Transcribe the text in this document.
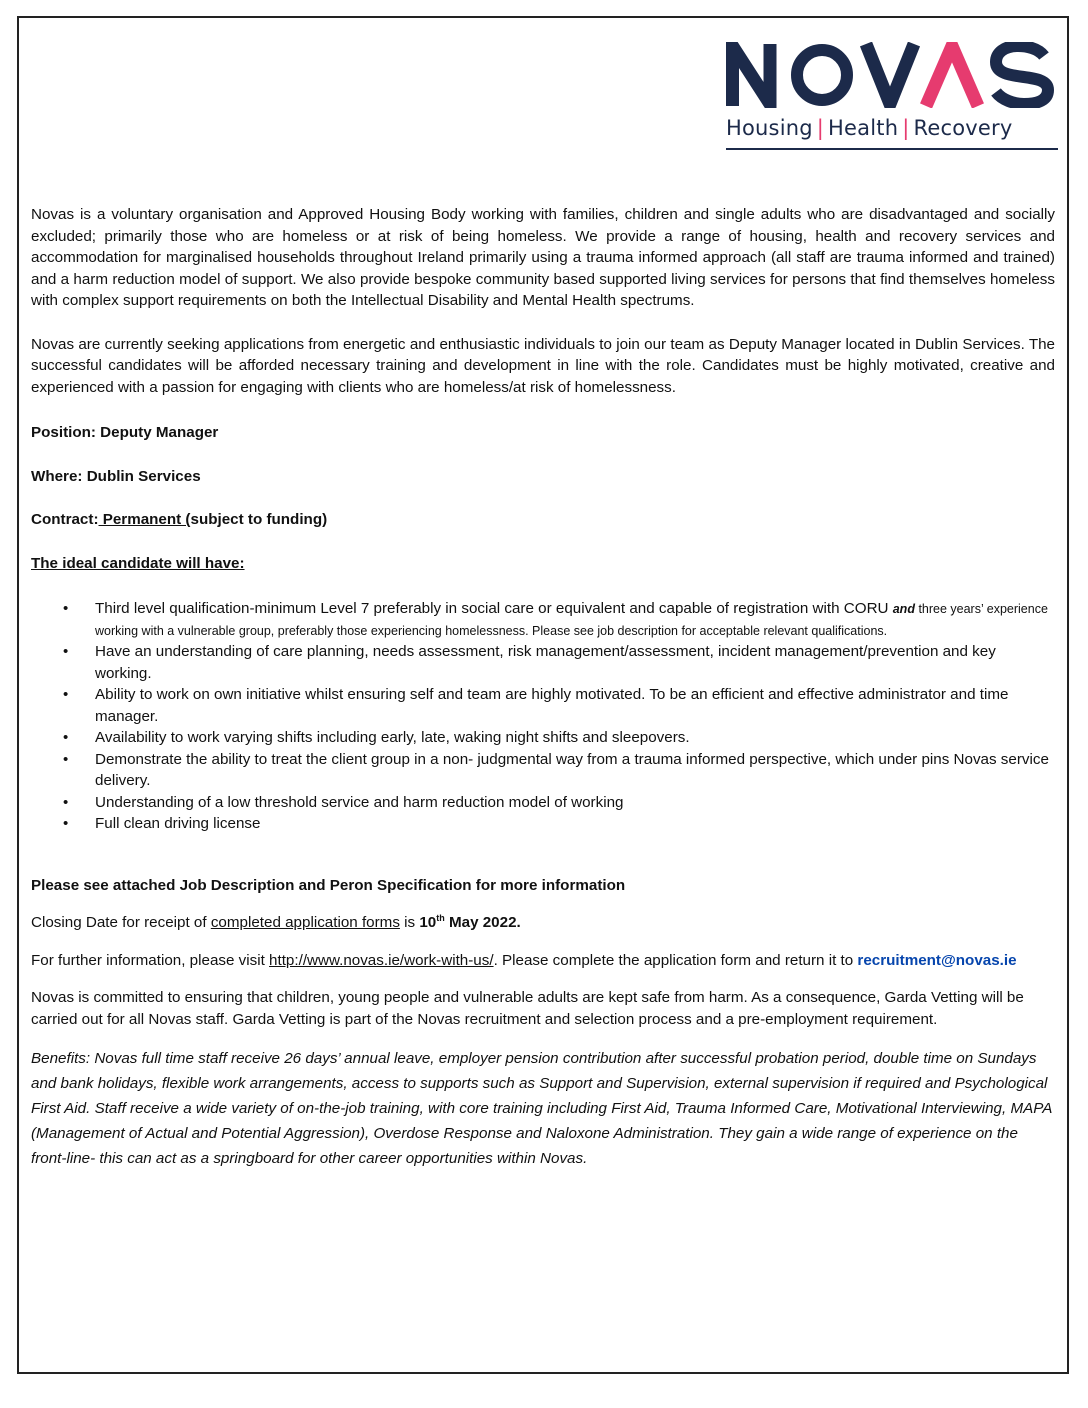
Housing | Health | Recovery

Novas is a voluntary organisation and Approved Housing Body working with families, children and single adults who are disadvantaged and socially excluded; primarily those who are homeless or at risk of being homeless. We provide a range of housing, health and recovery services and accommodation for marginalised households throughout Ireland primarily using a trauma informed approach (all staff are trauma informed and trained) and a harm reduction model of support. We also provide bespoke community based supported living services for persons that find themselves homeless with complex support requirements on both the Intellectual Disability and Mental Health spectrums.

Novas are currently seeking applications from energetic and enthusiastic individuals to join our team as Deputy Manager located in Dublin Services. The successful candidates will be afforded necessary training and development in line with the role. Candidates must be highly motivated, creative and experienced with a passion for engaging with clients who are homeless/at risk of homelessness.

Position: Deputy Manager

Where: Dublin Services

Contract: Permanent (subject to funding)

The ideal candidate will have:

• Third level qualification-minimum Level 7 preferably in social care or equivalent and capable of registration with CORU and three years’ experience working with a vulnerable group, preferably those experiencing homelessness. Please see job description for acceptable relevant qualifications.
• Have an understanding of care planning, needs assessment, risk management/assessment, incident management/prevention and key working.
• Ability to work on own initiative whilst ensuring self and team are highly motivated. To be an efficient and effective administrator and time manager.
• Availability to work varying shifts including early, late, waking night shifts and sleepovers.
• Demonstrate the ability to treat the client group in a non- judgmental way from a trauma informed perspective, which under pins Novas service delivery.
• Understanding of a low threshold service and harm reduction model of working
• Full clean driving license

Please see attached Job Description and Peron Specification for more information

Closing Date for receipt of completed application forms is 10th May 2022.

For further information, please visit http://www.novas.ie/work-with-us/. Please complete the application form and return it to recruitment@novas.ie

Novas is committed to ensuring that children, young people and vulnerable adults are kept safe from harm. As a consequence, Garda Vetting will be carried out for all Novas staff. Garda Vetting is part of the Novas recruitment and selection process and a pre-employment requirement.

Benefits: Novas full time staff receive 26 days’ annual leave, employer pension contribution after successful probation period, double time on Sundays and bank holidays, flexible work arrangements, access to supports such as Support and Supervision, external supervision if required and Psychological First Aid. Staff receive a wide variety of on-the-job training, with core training including First Aid, Trauma Informed Care, Motivational Interviewing, MAPA (Management of Actual and Potential Aggression), Overdose Response and Naloxone Administration. They gain a wide range of experience on the front-line- this can act as a springboard for other career opportunities within Novas.
